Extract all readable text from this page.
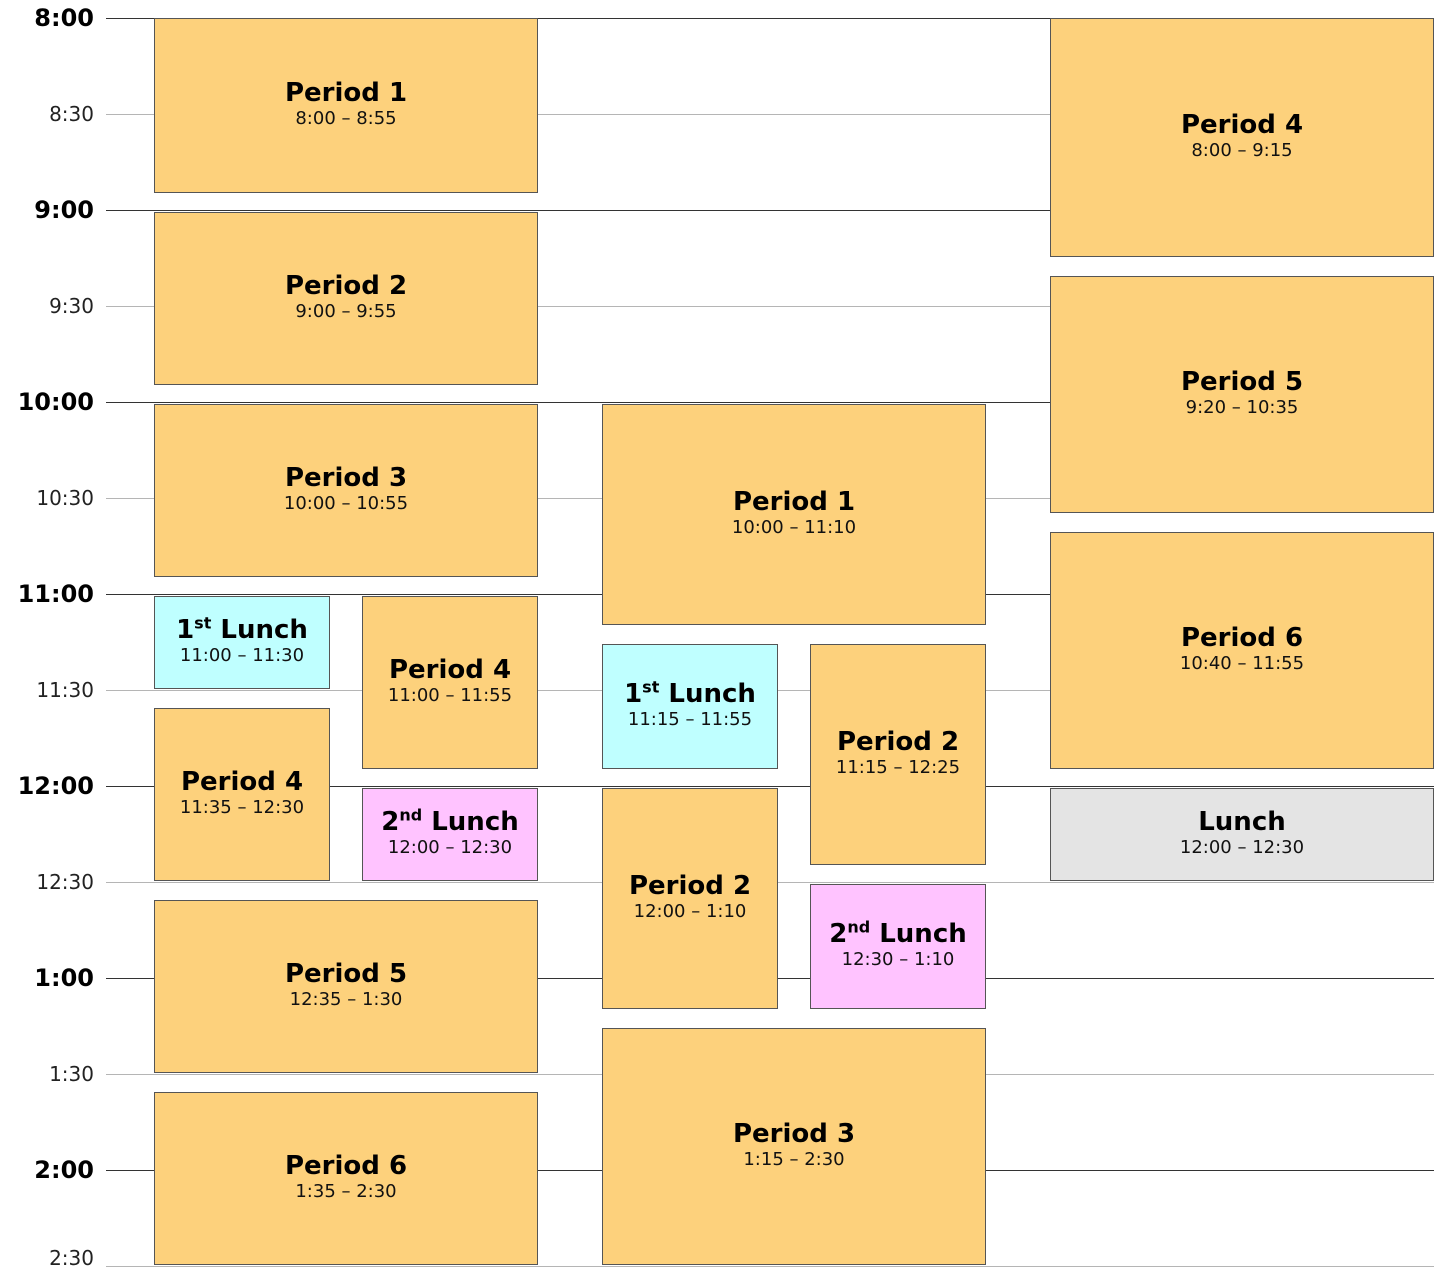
8:00
8:30
9:00
9:30
10:00
10:30
11:00
11:30
12:00
12:30
1:00
1:30
2:00
2:30
Period 1
8:00 – 8:55
Period 2
9:00 – 9:55
Period 3
10:00 – 10:55
1st Lunch
11:00 – 11:30	Period 4
11:00 – 11:55
Period 4
11:35 – 12:30	2nd Lunch
12:00 – 12:30
Period 5
12:35 – 1:30
Period 6
1:35 – 2:30
Period 1
10:00 – 11:10
1st Lunch
11:15 – 11:55
Period 2
11:15 – 12:25
Period 2
12:00 – 1:10
2nd Lunch
12:30 – 1:10
Period 3
1:15 – 2:30
Period 4
8:00 – 9:15
Period 5
9:20 – 10:35
Period 6
10:40 – 11:55
Lunch
12:00 – 12:30
